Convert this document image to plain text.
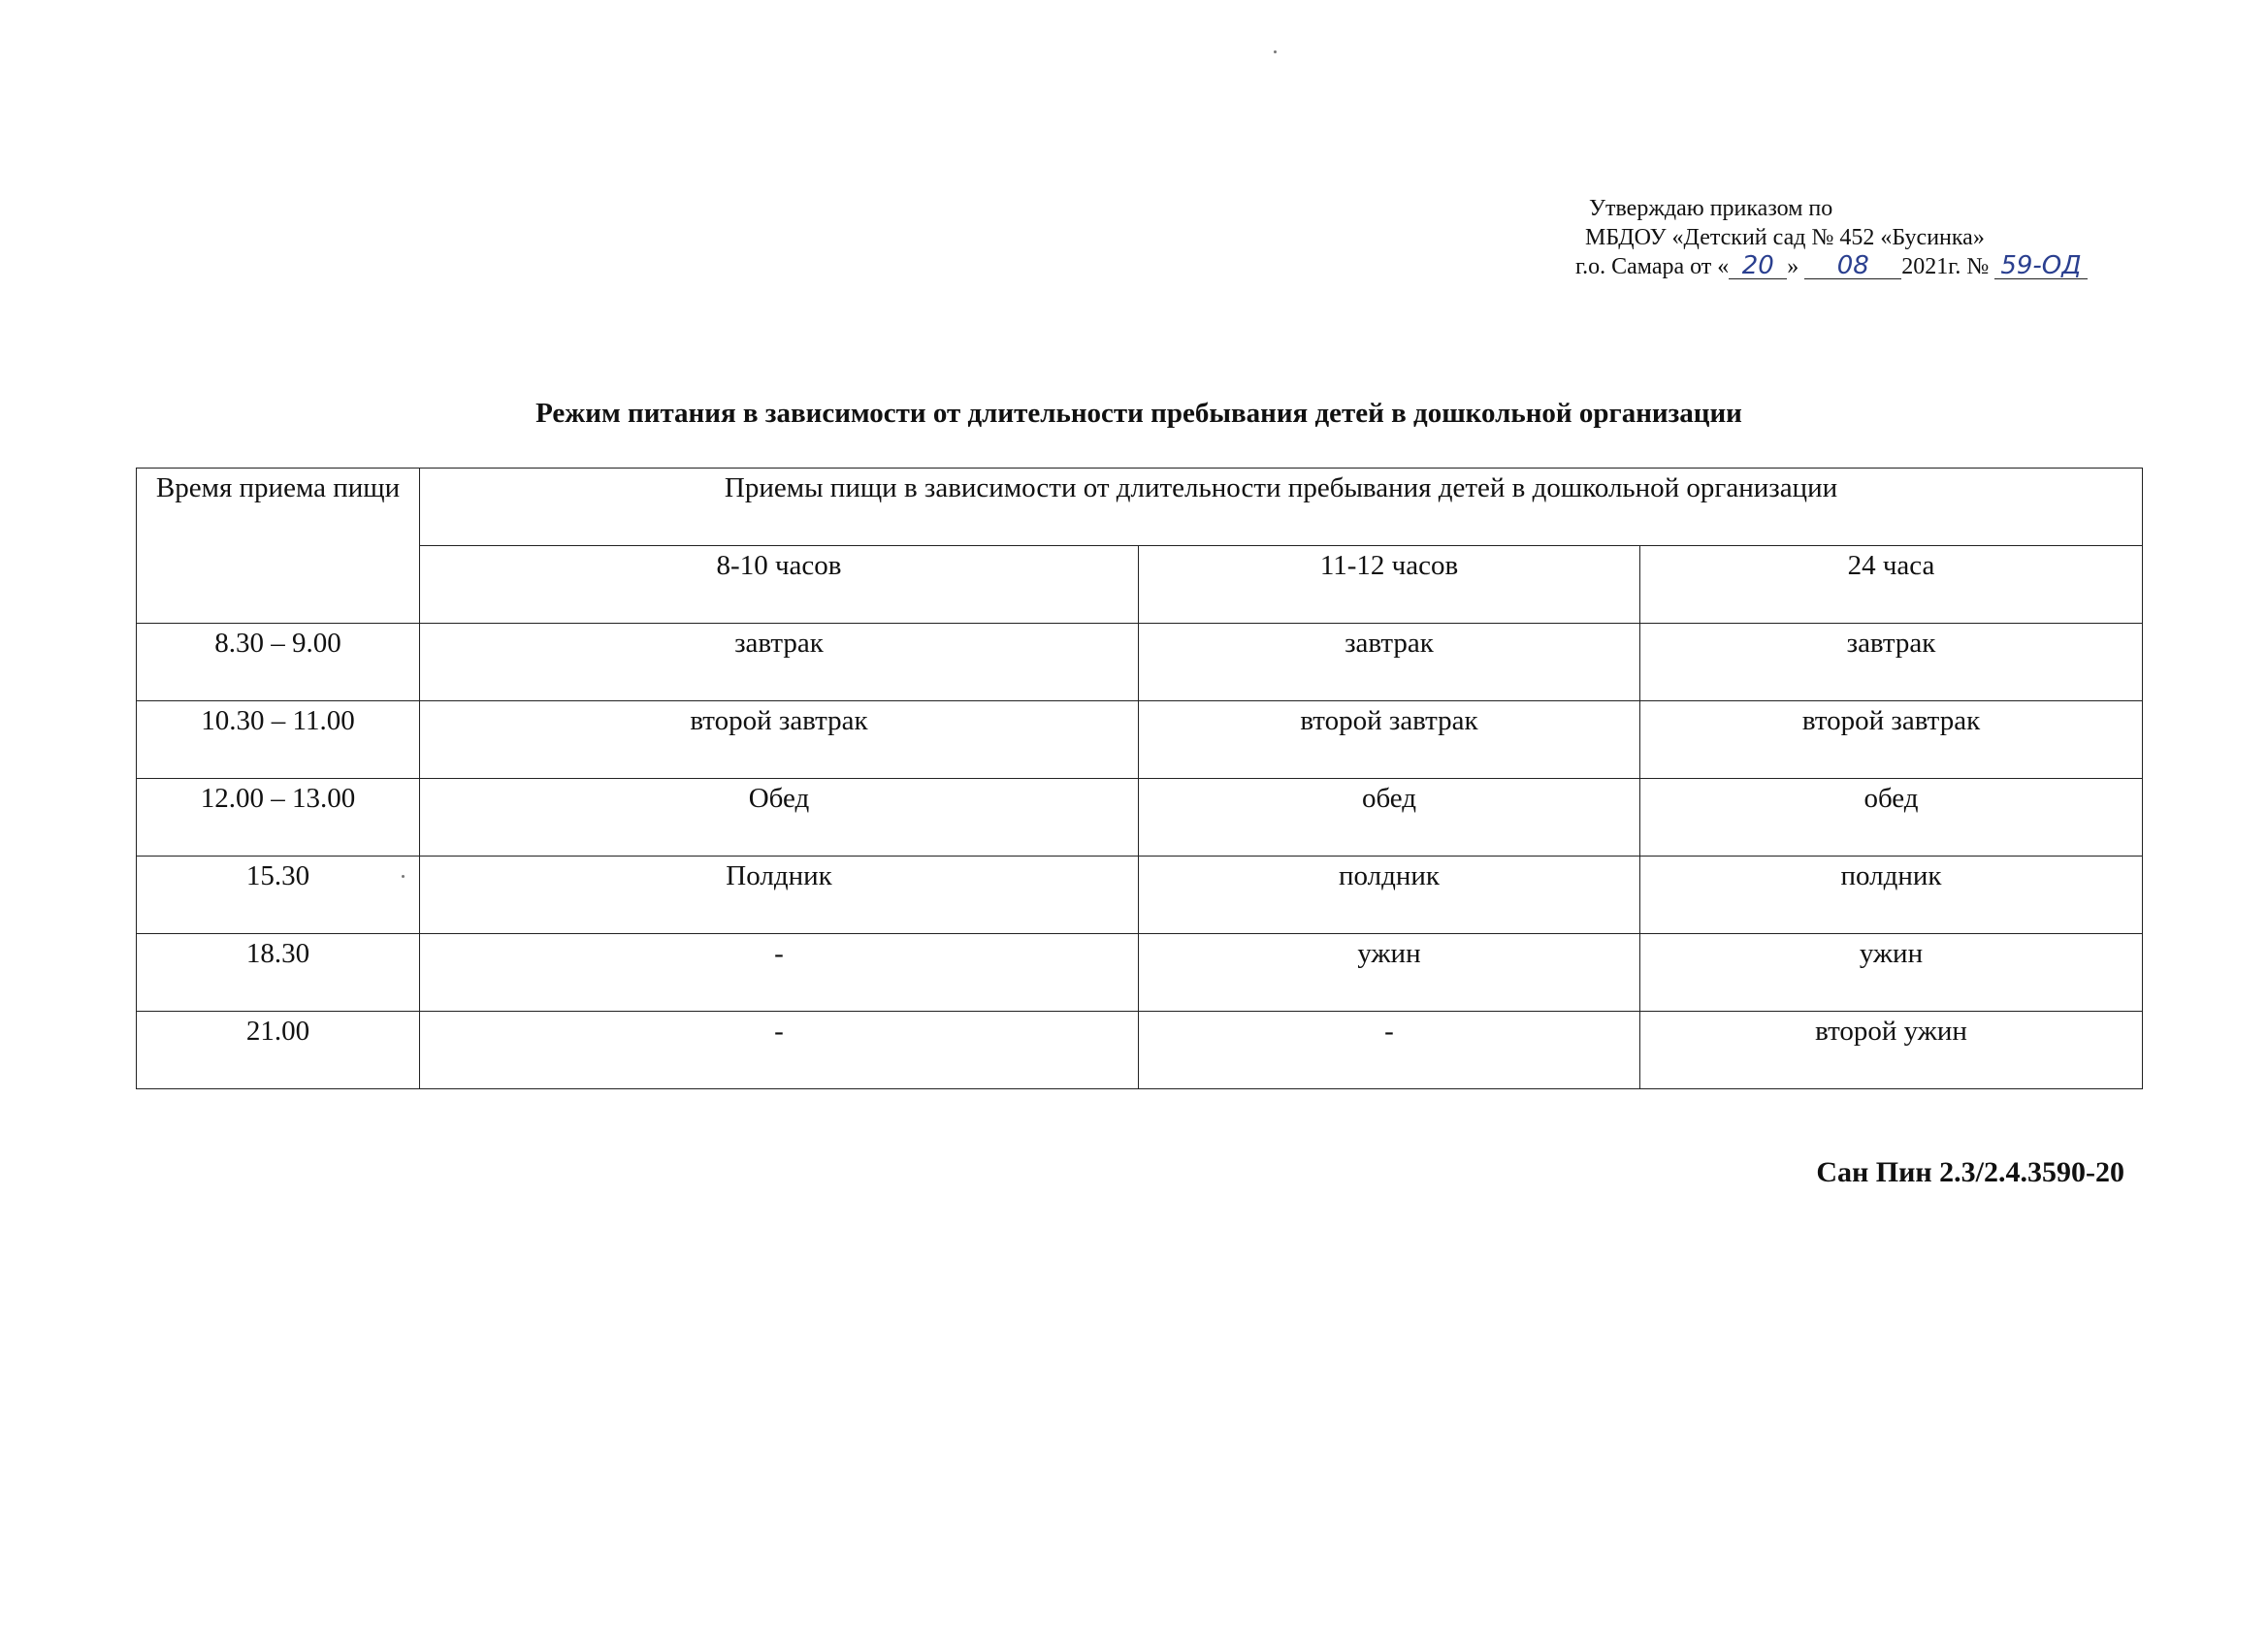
Утверждаю приказом по
МБДОУ «Детский сад № 452 «Бусинка»
г.о. Самара от « 20 » 08 2021г. № 59-ОД
Режим питания в зависимости от длительности пребывания детей в дошкольной организации
Время приема пищи	Приемы пищи в зависимости от длительности пребывания детей в дошкольной организации		
	8-10 часов	11-12 часов	24 часа
8.30 – 9.00	завтрак	завтрак	завтрак
10.30 – 11.00	второй завтрак	второй завтрак	второй завтрак
12.00 – 13.00	Обед	обед	обед
15.30	Полдник	полдник	полдник
18.30	-	ужин	ужин
21.00	-	-	второй ужин
Сан Пин 2.3/2.4.3590-20
